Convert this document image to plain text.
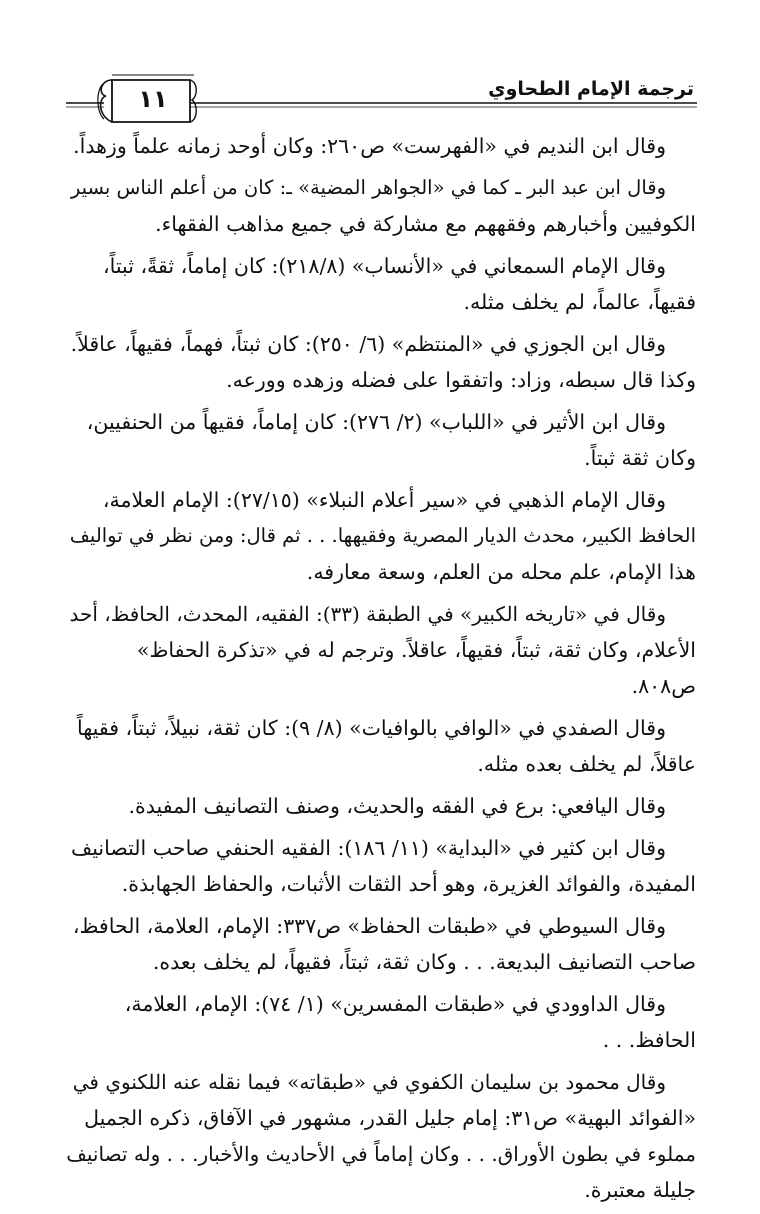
ترجمة الإمام الطحاوي
١١
وقال ابن النديم في «الفهرست» ص٢٦٠: وكان أوحد زمانه علماً وزهداً.
وقال ابن عبد البر ـ كما في «الجواهر المضية» ـ: كان من أعلم الناس بسير
الكوفيين وأخبارهم وفقههم مع مشاركة في جميع مذاهب الفقهاء.
وقال الإمام السمعاني في «الأنساب» (٢١٨/٨): كان إماماً، ثقةً، ثبتاً،
فقيهاً، عالماً، لم يخلف مثله.
وقال ابن الجوزي في «المنتظم» (٦/ ٢٥٠): كان ثبتاً، فهماً، فقيهاً، عاقلاً.
وكذا قال سبطه، وزاد: واتفقوا على فضله وزهده وورعه.
وقال ابن الأثير في «اللباب» (٢/ ٢٧٦): كان إماماً، فقيهاً من الحنفيين،
وكان ثقة ثبتاً.
وقال الإمام الذهبي في «سير أعلام النبلاء» (٢٧/١٥): الإمام العلامة،
الحافظ الكبير، محدث الديار المصرية وفقيهها. . . ثم قال: ومن نظر في تواليف
هذا الإمام، علم محله من العلم، وسعة معارفه.
وقال في «تاريخه الكبير» في الطبقة (٣٣): الفقيه، المحدث، الحافظ، أحد
الأعلام، وكان ثقة، ثبتاً، فقيهاً، عاقلاً. وترجم له في «تذكرة الحفاظ»
ص٨٠٨.
وقال الصفدي في «الوافي بالوافيات» (٨/ ٩): كان ثقة، نبيلاً، ثبتاً، فقيهاً
عاقلاً، لم يخلف بعده مثله.
وقال اليافعي: برع في الفقه والحديث، وصنف التصانيف المفيدة.
وقال ابن كثير في «البداية» (١١/ ١٨٦): الفقيه الحنفي صاحب التصانيف
المفيدة، والفوائد الغزيرة، وهو أحد الثقات الأثبات، والحفاظ الجهابذة.
وقال السيوطي في «طبقات الحفاظ» ص٣٣٧: الإمام، العلامة، الحافظ،
صاحب التصانيف البديعة. . . وكان ثقة، ثبتاً، فقيهاً، لم يخلف بعده.
وقال الداوودي في «طبقات المفسرين» (١/ ٧٤): الإمام، العلامة،
الحافظ. . .
وقال محمود بن سليمان الكفوي في «طبقاته» فيما نقله عنه اللكنوي في
«الفوائد البهية» ص٣١: إمام جليل القدر، مشهور في الآفاق، ذكره الجميل
مملوء في بطون الأوراق. . . وكان إماماً في الأحاديث والأخبار. . . وله تصانيف
جليلة معتبرة.
